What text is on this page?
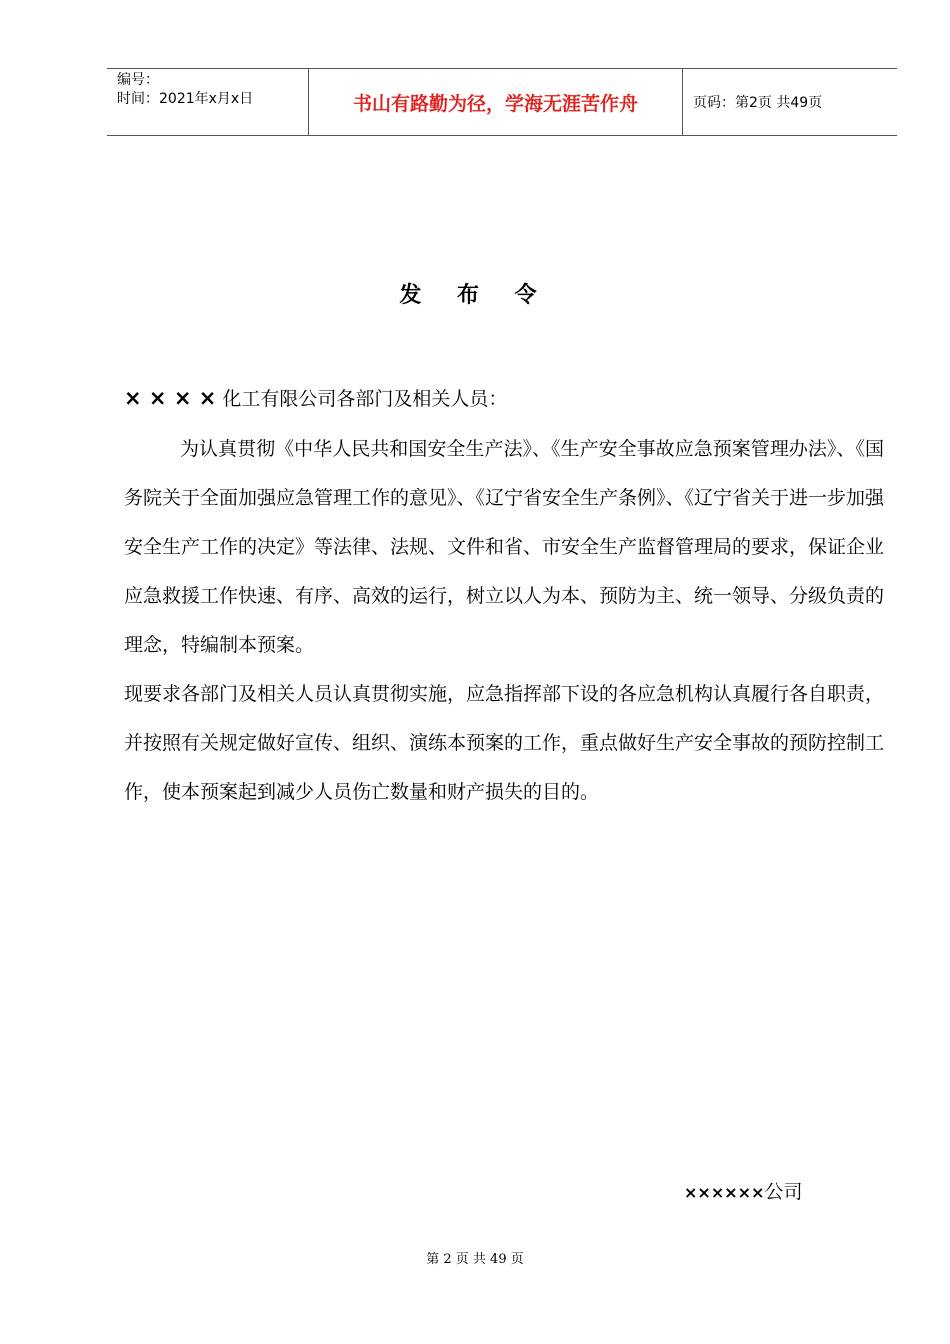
编号：
时间：2021年x月x日	书山有路勤为径，学海无涯苦作舟	页码：第2页 共49页
发 布 令
× × × × 化工有限公司各部门及相关人员：

为认真贯彻《中华人民共和国安全生产法》、《生产安全事故应急预案管理办法》、《国务院关于全面加强应急管理工作的意见》、《辽宁省安全生产条例》、《辽宁省关于进一步加强安全生产工作的决定》等法律、法规、文件和省、市安全生产监督管理局的要求，保证企业应急救援工作快速、有序、高效的运行，树立以人为本、预防为主、统一领导、分级负责的理念，特编制本预案。

现要求各部门及相关人员认真贯彻实施，应急指挥部下设的各应急机构认真履行各自职责，并按照有关规定做好宣传、组织、演练本预案的工作，重点做好生产安全事故的预防控制工作，使本预案起到减少人员伤亡数量和财产损失的目的。

××××××公司
第 2 页 共 49 页
